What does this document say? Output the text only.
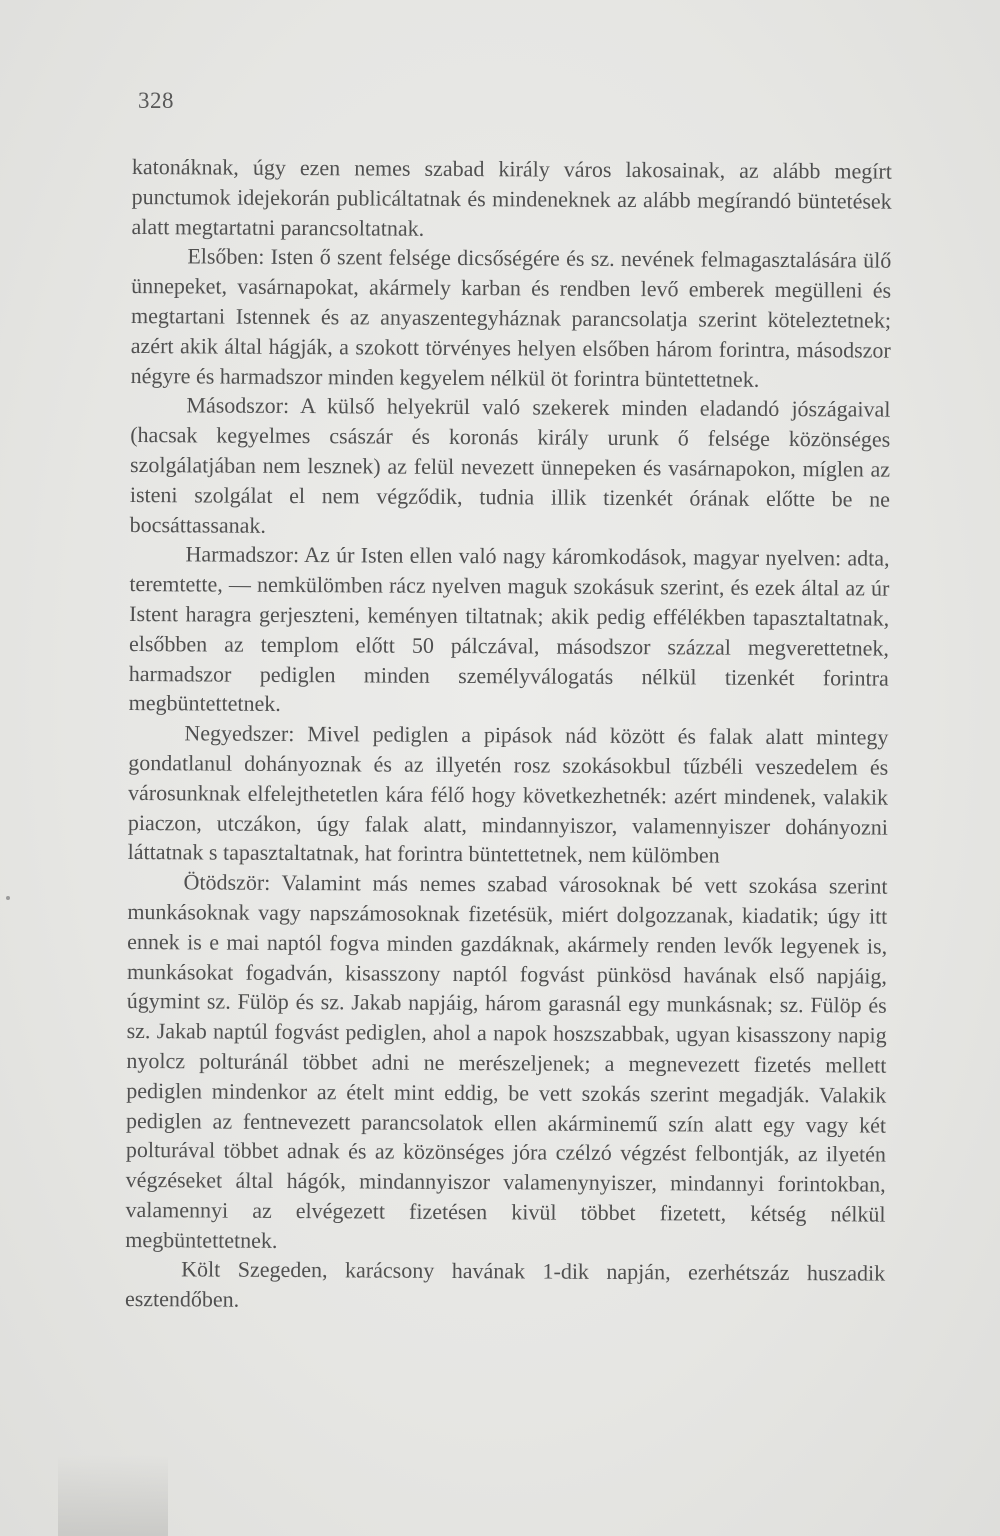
328

katonáknak, úgy ezen nemes szabad király város lakosainak, az alább megírt punctumok idejekorán publicáltatnak és mindeneknek az alább megírandó büntetések alatt megtartatni parancsoltatnak.

Elsőben: Isten ő szent felsége dicsőségére és sz. nevének felmagasztalására ülő ünnepeket, vasárnapokat, akármely karban és rendben levő emberek megülleni és megtartani Istennek és az anyaszentegyháznak parancsolatja szerint köteleztetnek; azért akik által hágják, a szokott törvényes helyen elsőben három forintra, másodszor négyre és harmadszor minden kegyelem nélkül öt forintra büntettetnek.

Másodszor: A külső helyekrül való szekerek minden eladandó jószágaival (hacsak kegyelmes császár és koronás király urunk ő felsége közönséges szolgálatjában nem lesznek) az felül nevezett ünnepeken és vasárnapokon, míglen az isteni szolgálat el nem végződik, tudnia illik tizenkét órának előtte be ne bocsáttassanak.

Harmadszor: Az úr Isten ellen való nagy káromkodások, magyar nyelven: adta, teremtette, — nemkülömben rácz nyelven maguk szokásuk szerint, és ezek által az úr Istent haragra gerjeszteni, keményen tiltatnak; akik pedig effélékben tapasztaltatnak, elsőbben az templom előtt 50 pálczával, másodszor százzal megverettetnek, harmadszor pediglen minden személyválogatás nélkül tizenkét forintra megbüntettetnek.

Negyedszer: Mivel pediglen a pipások nád között és falak alatt mintegy gondatlanul dohányoznak és az illyetén rosz szokásokbul tűzbéli veszedelem és városunknak elfelejthetetlen kára félő hogy következhetnék: azért mindenek, valakik piaczon, utczákon, úgy falak alatt, mindannyiszor, valamennyiszer dohányozni láttatnak s tapasztaltatnak, hat forintra büntettetnek, nem külömben

Ötödször: Valamint más nemes szabad városoknak bé vett szokása szerint munkásoknak vagy napszámosoknak fizetésük, miért dolgozzanak, kiadatik; úgy itt ennek is e mai naptól fogva minden gazdáknak, akármely renden levők legyenek is, munkásokat fogadván, kisasszony naptól fogvást pünkösd havának első napjáig, úgymint sz. Fülöp és sz. Jakab napjáig, három garasnál egy munkásnak; sz. Fülöp és sz. Jakab naptúl fogvást pediglen, ahol a napok hoszszabbak, ugyan kisasszony napig nyolcz polturánál többet adni ne merészeljenek; a megnevezett fizetés mellett pediglen mindenkor az ételt mint eddig, be vett szokás szerint megadják. Valakik pediglen az fentnevezett parancsolatok ellen akárminemű szín alatt egy vagy két polturával többet adnak és az közönséges jóra czélzó végzést felbontják, az ilyetén végzéseket által hágók, mindannyiszor valamenynyiszer, mindannyi forintokban, valamennyi az elvégezett fizetésen kivül többet fizetett, kétség nélkül megbüntettetnek.

Költ Szegeden, karácsony havának 1-dik napján, ezerhétszáz huszadik esztendőben.
